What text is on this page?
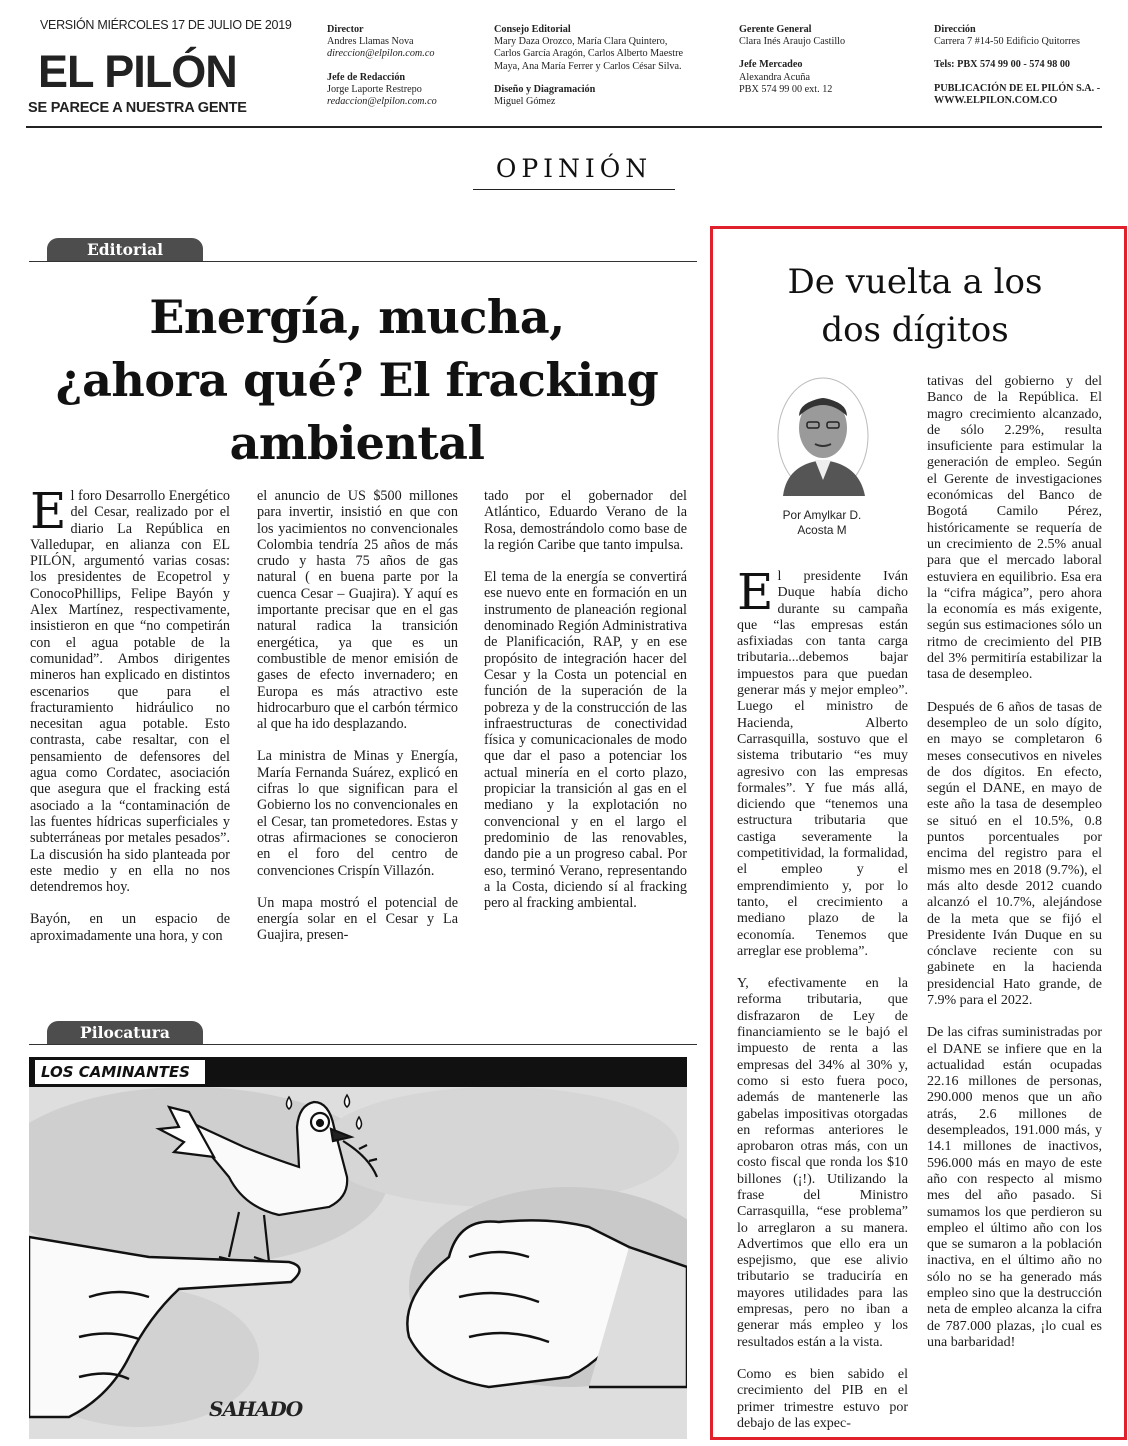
VERSIÓN MIÉRCOLES 17 DE JULIO DE 2019
EL PILÓN
SE PARECE A NUESTRA GENTE
Director
Andres Llamas Nova
direccion@elpilon.com.co
Jefe de Redacción
Jorge Laporte Restrepo
redaccion@elpilon.com.co
Consejo Editorial
Mary Daza Orozco, María Clara Quintero,
Carlos García Aragón, Carlos Alberto Maestre
Maya, Ana María Ferrer y Carlos César Silva.
Diseño y Diagramación
Miguel Gómez
Gerente General
Clara Inés Araujo Castillo
Jefe Mercadeo
Alexandra Acuña
PBX 574 99 00 ext. 12
Dirección
Carrera 7 #14-50 Edificio Quitorres
Tels: PBX 574 99 00 - 574 98 00
PUBLICACIÓN DE EL PILÓN S.A. -
WWW.ELPILON.COM.CO
OPINIÓN
Editorial
Energía, mucha,
¿ahora qué? El fracking
ambiental

El foro Desarrollo Energético del Cesar, realizado por el diario La República en Valledupar, en alianza con EL PILÓN, argumentó varias cosas: los presidentes de Ecopetrol y ConocoPhillips, Felipe Bayón y Alex Martínez, respectivamente, insistieron en que “no competirán con el agua potable de la comunidad”. Ambos dirigentes mineros han explicado en distintos escenarios que para el fracturamiento hidráulico no necesitan agua potable. Esto contrasta, cabe resaltar, con el pensamiento de defensores del agua como Cordatec, asociación que asegura que el fracking está asociado a la “contaminación de las fuentes hídricas superficiales y subterráneas por metales pesados”. La discusión ha sido planteada por este medio y en ella no nos detendremos hoy.

Bayón, en un espacio de aproximadamente una hora, y con

el anuncio de US $500 millones para invertir, insistió en que con los yacimientos no convencionales Colombia tendría 25 años de más crudo y hasta 75 años de gas natural ( en buena parte por la cuenca Cesar – Guajira). Y aquí es importante precisar que en el gas natural radica la transición energética, ya que es un combustible de menor emisión de gases de efecto invernadero; en Europa es más atractivo este hidrocarburo que el carbón térmico al que ha ido desplazando.

La ministra de Minas y Energía, María Fernanda Suárez, explicó en cifras lo que significan para el Gobierno los no convencionales en el Cesar, tan prometedores. Estas y otras afirmaciones se conocieron en el foro del centro de convenciones Crispín Villazón.

Un mapa mostró el potencial de energía solar en el Cesar y La Guajira, presen-

tado por el gobernador del Atlántico, Eduardo Verano de la Rosa, demostrándolo como base de la región Caribe que tanto impulsa.

El tema de la energía se convertirá ese nuevo ente en formación en un instrumento de planeación regional denominado Región Administrativa de Planificación, RAP, y en ese propósito de integración hacer del Cesar y la Costa un potencial en función de la superación de la pobreza y de la construcción de las infraestructuras de conectividad física y comunicacionales de modo que dar el paso a potenciar los actual minería en el corto plazo, propiciar la transición al gas en el mediano y la explotación no convencional y en el largo el predominio de las renovables, dando pie a un progreso cabal. Por eso, terminó Verano, representando a la Costa, diciendo sí al fracking pero al fracking ambiental.

Pilocatura
LOS CAMINANTES
SAHADO
De vuelta a los
dos dígitos
Por Amylkar D.
Acosta M

El presidente Iván Duque había dicho durante su campaña que “las empresas están asfixiadas con tanta carga tributaria...debemos bajar impuestos para que puedan generar más y mejor empleo”. Luego el ministro de Hacienda, Alberto Carrasquilla, sostuvo que el sistema tributario “es muy agresivo con las empresas formales”. Y fue más allá, diciendo que “tenemos una estructura tributaria que castiga severamente la competitividad, la formalidad, el empleo y el emprendimiento y, por lo tanto, el crecimiento a mediano plazo de la economía. Tenemos que arreglar ese problema”.

Y, efectivamente en la reforma tributaria, que disfrazaron de Ley de financiamiento se le bajó el impuesto de renta a las empresas del 34% al 30% y, como si esto fuera poco, además de mantenerle las gabelas impositivas otorgadas en reformas anteriores le aprobaron otras más, con un costo fiscal que ronda los $10 billones (¡!). Utilizando la frase del Ministro Carrasquilla, “ese problema” lo arreglaron a su manera. Advertimos que ello era un espejismo, que ese alivio tributario se traduciría en mayores utilidades para las empresas, pero no iban a generar más empleo y los resultados están a la vista.

Como es bien sabido el crecimiento del PIB en el primer trimestre estuvo por debajo de las expec-

tativas del gobierno y del Banco de la República. El magro crecimiento alcanzado, de sólo 2.29%, resulta insuficiente para estimular la generación de empleo. Según el Gerente de investigaciones económicas del Banco de Bogotá Camilo Pérez, históricamente se requería de un crecimiento de 2.5% anual para que el mercado laboral estuviera en equilibrio. Esa era la “cifra mágica”, pero ahora la economía es más exigente, según sus estimaciones sólo un ritmo de crecimiento del PIB del 3% permitiría estabilizar la tasa de desempleo.

Después de 6 años de tasas de desempleo de un solo dígito, en mayo se completaron 6 meses consecutivos en niveles de dos dígitos. En efecto, según el DANE, en mayo de este año la tasa de desempleo se situó en el 10.5%, 0.8 puntos porcentuales por encima del registro para el mismo mes en 2018 (9.7%), el más alto desde 2012 cuando alcanzó el 10.7%, alejándose de la meta que se fijó el Presidente Iván Duque en su cónclave reciente con su gabinete en la hacienda presidencial Hato grande, de 7.9% para el 2022.

De las cifras suministradas por el DANE se infiere que en la actualidad están ocupadas 22.16 millones de personas, 290.000 menos que un año atrás, 2.6 millones de desempleados, 191.000 más, y 14.1 millones de inactivos, 596.000 más en mayo de este año con respecto al mismo mes del año pasado. Si sumamos los que perdieron su empleo el último año con los que se sumaron a la población inactiva, en el último año no sólo no se ha generado más empleo sino que la destrucción neta de empleo alcanza la cifra de 787.000 plazas, ¡lo cual es una barbaridad!
